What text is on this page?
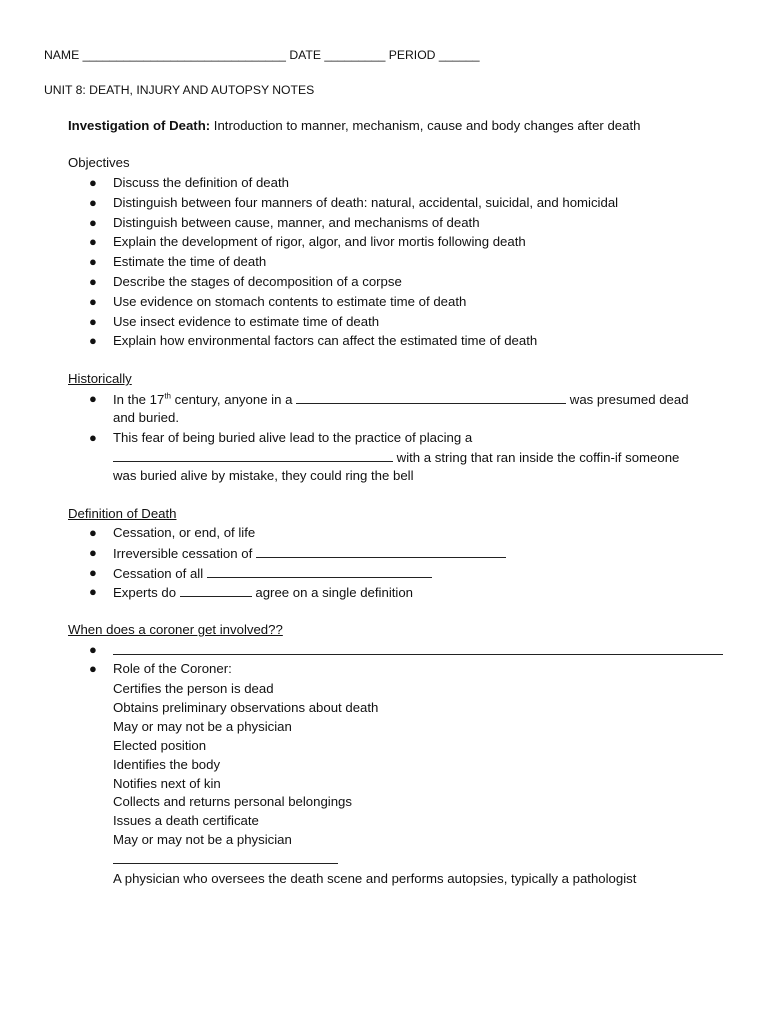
NAME ______________________________ DATE _________ PERIOD ______
UNIT 8: DEATH, INJURY AND AUTOPSY NOTES
Investigation of Death: Introduction to manner, mechanism, cause and body changes after death
Objectives
● Discuss the definition of death
● Distinguish between four manners of death: natural, accidental, suicidal, and homicidal
● Distinguish between cause, manner, and mechanisms of death
● Explain the development of rigor, algor, and livor mortis following death
● Estimate the time of death
● Describe the stages of decomposition of a corpse
● Use evidence on stomach contents to estimate time of death
● Use insect evidence to estimate time of death
● Explain how environmental factors can affect the estimated time of death
Historically
● In the 17th century, anyone in a	was presumed dead
and buried.
● This fear of being buried alive lead to the practice of placing a
with a string that ran inside the coffin-if someone
was buried alive by mistake, they could ring the bell
Definition of Death
● Cessation, or end, of life
● Irreversible cessation of
● Cessation of all
● Experts do	agree on a single definition
When does a coroner get involved??
●
● Role of the Coroner:
Certifies the person is dead
Obtains preliminary observations about death
May or may not be a physician
Elected position
Identifies the body
Notifies next of kin
Collects and returns personal belongings
Issues a death certificate
May or may not be a physician
A physician who oversees the death scene and performs autopsies, typically a pathologist
